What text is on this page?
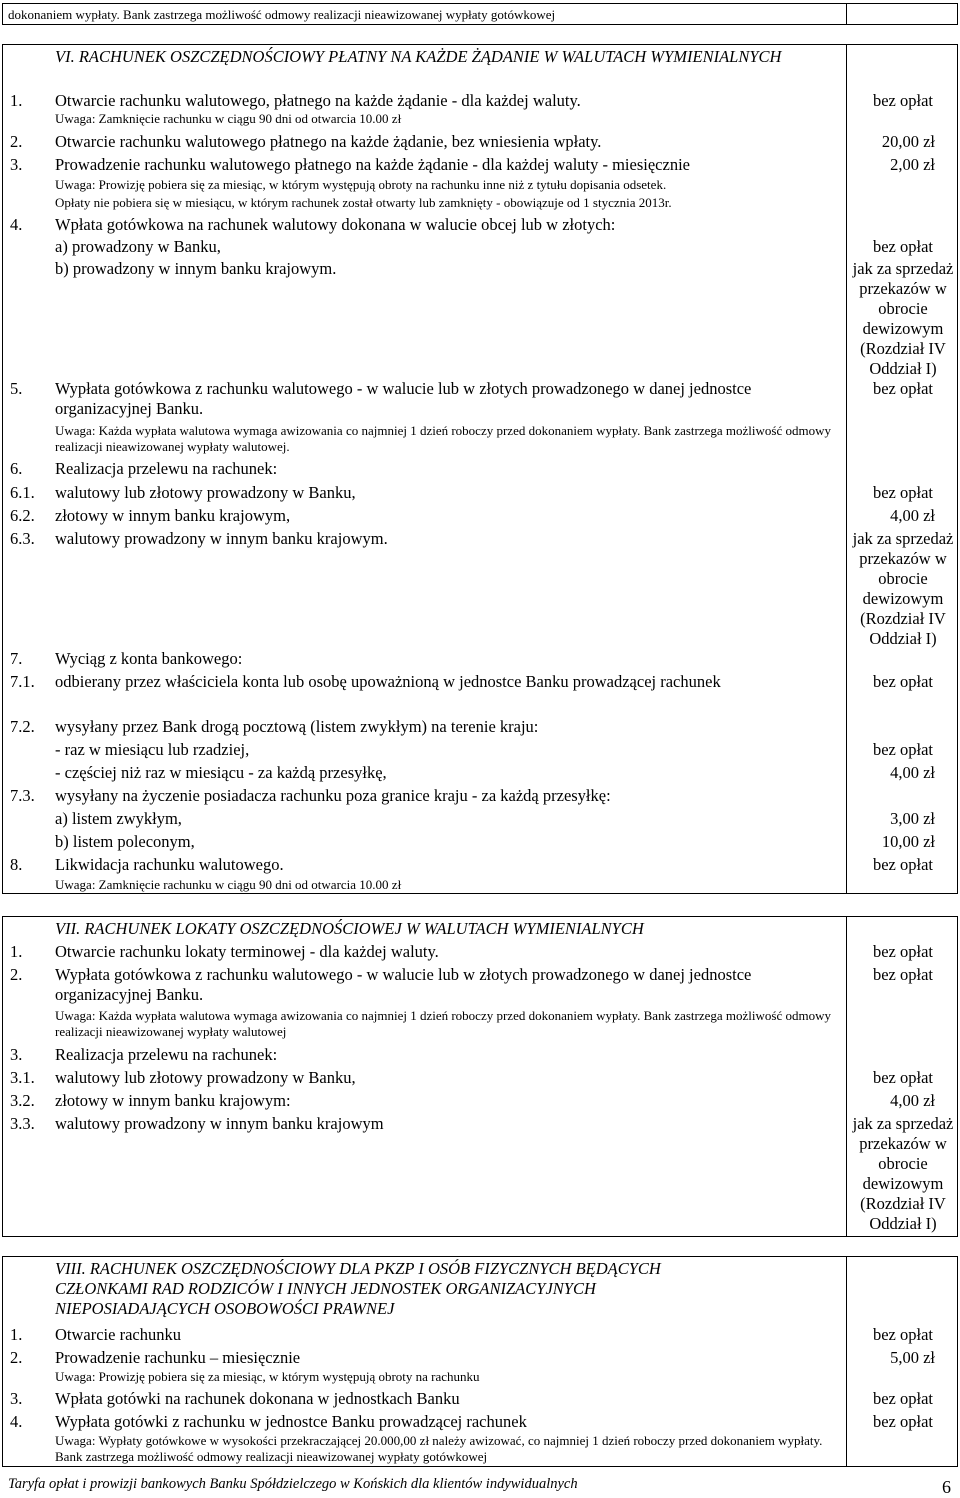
dokonaniem wypłaty. Bank zastrzega możliwość odmowy realizacji nieawizowanej wypłaty gotówkowej
VI. RACHUNEK OSZCZĘDNOŚCIOWY PŁATNY NA KAŻDE ŻĄDANIE W WALUTACH WYMIENIALNYCH
1. Otwarcie rachunku walutowego, płatnego na każde żądanie - dla każdej waluty.	bez opłat
Uwaga: Zamknięcie rachunku w ciągu 90 dni od otwarcia 10.00 zł
2. Otwarcie rachunku walutowego płatnego na każde żądanie, bez wniesienia wpłaty.	20,00 zł
3. Prowadzenie rachunku walutowego płatnego na każde żądanie - dla każdej waluty - miesięcznie	2,00 zł
Uwaga: Prowizję pobiera się za miesiąc, w którym występują obroty na rachunku inne niż z tytułu dopisania odsetek.
Opłaty nie pobiera się w miesiącu, w którym rachunek został otwarty lub zamknięty - obowiązuje od 1 stycznia 2013r.
4. Wpłata gotówkowa na rachunek walutowy dokonana w walucie obcej lub w złotych:
a) prowadzony w Banku,	bez opłat
b) prowadzony w innym banku krajowym.	jak za sprzedaż przekazów w obrocie dewizowym (Rozdział IV Oddział I)
5. Wypłata gotówkowa z rachunku walutowego - w walucie lub w złotych prowadzonego w danej jednostce organizacyjnej Banku.
bez opłat
Uwaga: Każda wypłata walutowa wymaga awizowania co najmniej 1 dzień roboczy przed dokonaniem wypłaty. Bank zastrzega możliwość odmowy realizacji nieawizowanej wypłaty walutowej.
6. Realizacja przelewu na rachunek:
6.1. walutowy lub złotowy prowadzony w Banku,	bez opłat
6.2. złotowy w innym banku krajowym,	4,00 zł
6.3. walutowy prowadzony w innym banku krajowym.	jak za sprzedaż przekazów w obrocie dewizowym (Rozdział IV Oddział I)
7. Wyciąg z konta bankowego:
7.1. odbierany przez właściciela konta lub osobę upoważnioną w jednostce Banku prowadzącej rachunek	bez opłat
7.2. wysyłany przez Bank drogą pocztową (listem zwykłym) na terenie kraju:
- raz w miesiącu lub rzadziej,	bez opłat
- częściej niż raz w miesiącu - za każdą przesyłkę,	4,00 zł
7.3. wysyłany na życzenie posiadacza rachunku poza granice kraju - za każdą przesyłkę:
a) listem zwykłym,	3,00 zł
b) listem poleconym,	10,00 zł
8. Likwidacja rachunku walutowego.	bez opłat
Uwaga: Zamknięcie rachunku w ciągu 90 dni od otwarcia 10.00 zł
VII. RACHUNEK LOKATY OSZCZĘDNOŚCIOWEJ W WALUTACH WYMIENIALNYCH
1. Otwarcie rachunku lokaty terminowej - dla każdej waluty.	bez opłat
2. Wypłata gotówkowa z rachunku walutowego - w walucie lub w złotych prowadzonego w danej jednostce organizacyjnej Banku.
bez opłat
Uwaga: Każda wypłata walutowa wymaga awizowania co najmniej 1 dzień roboczy przed dokonaniem wypłaty. Bank zastrzega możliwość odmowy realizacji nieawizowanej wypłaty walutowej
3. Realizacja przelewu na rachunek:
3.1. walutowy lub złotowy prowadzony w Banku,	bez opłat
3.2. złotowy w innym banku krajowym:	4,00 zł
3.3. walutowy prowadzony w innym banku krajowym	jak za sprzedaż przekazów w obrocie dewizowym (Rozdział IV Oddział I)
VIII. RACHUNEK OSZCZĘDNOŚCIOWY DLA PKZP I OSÓB FIZYCZNYCH BĘDĄCYCH CZŁONKAMI RAD RODZICÓW I INNYCH JEDNOSTEK ORGANIZACYJNYCH NIEPOSIADAJĄCYCH OSOBOWOŚCI PRAWNEJ
1. Otwarcie rachunku	bez opłat
2. Prowadzenie rachunku – miesięcznie	5,00 zł
Uwaga: Prowizję pobiera się za miesiąc, w którym występują obroty na rachunku
3. Wpłata gotówki na rachunek dokonana w jednostkach Banku	bez opłat
4. Wypłata gotówki z rachunku w jednostce Banku prowadzącej rachunek	bez opłat
Uwaga: Wypłaty gotówkowe w wysokości przekraczającej 20.000,00 zł należy awizować, co najmniej 1 dzień roboczy przed dokonaniem wypłaty. Bank zastrzega możliwość odmowy realizacji nieawizowanej wypłaty gotówkowej
Taryfa opłat i prowizji bankowych Banku Spółdzielczego w Końskich dla klientów indywidualnych	6
